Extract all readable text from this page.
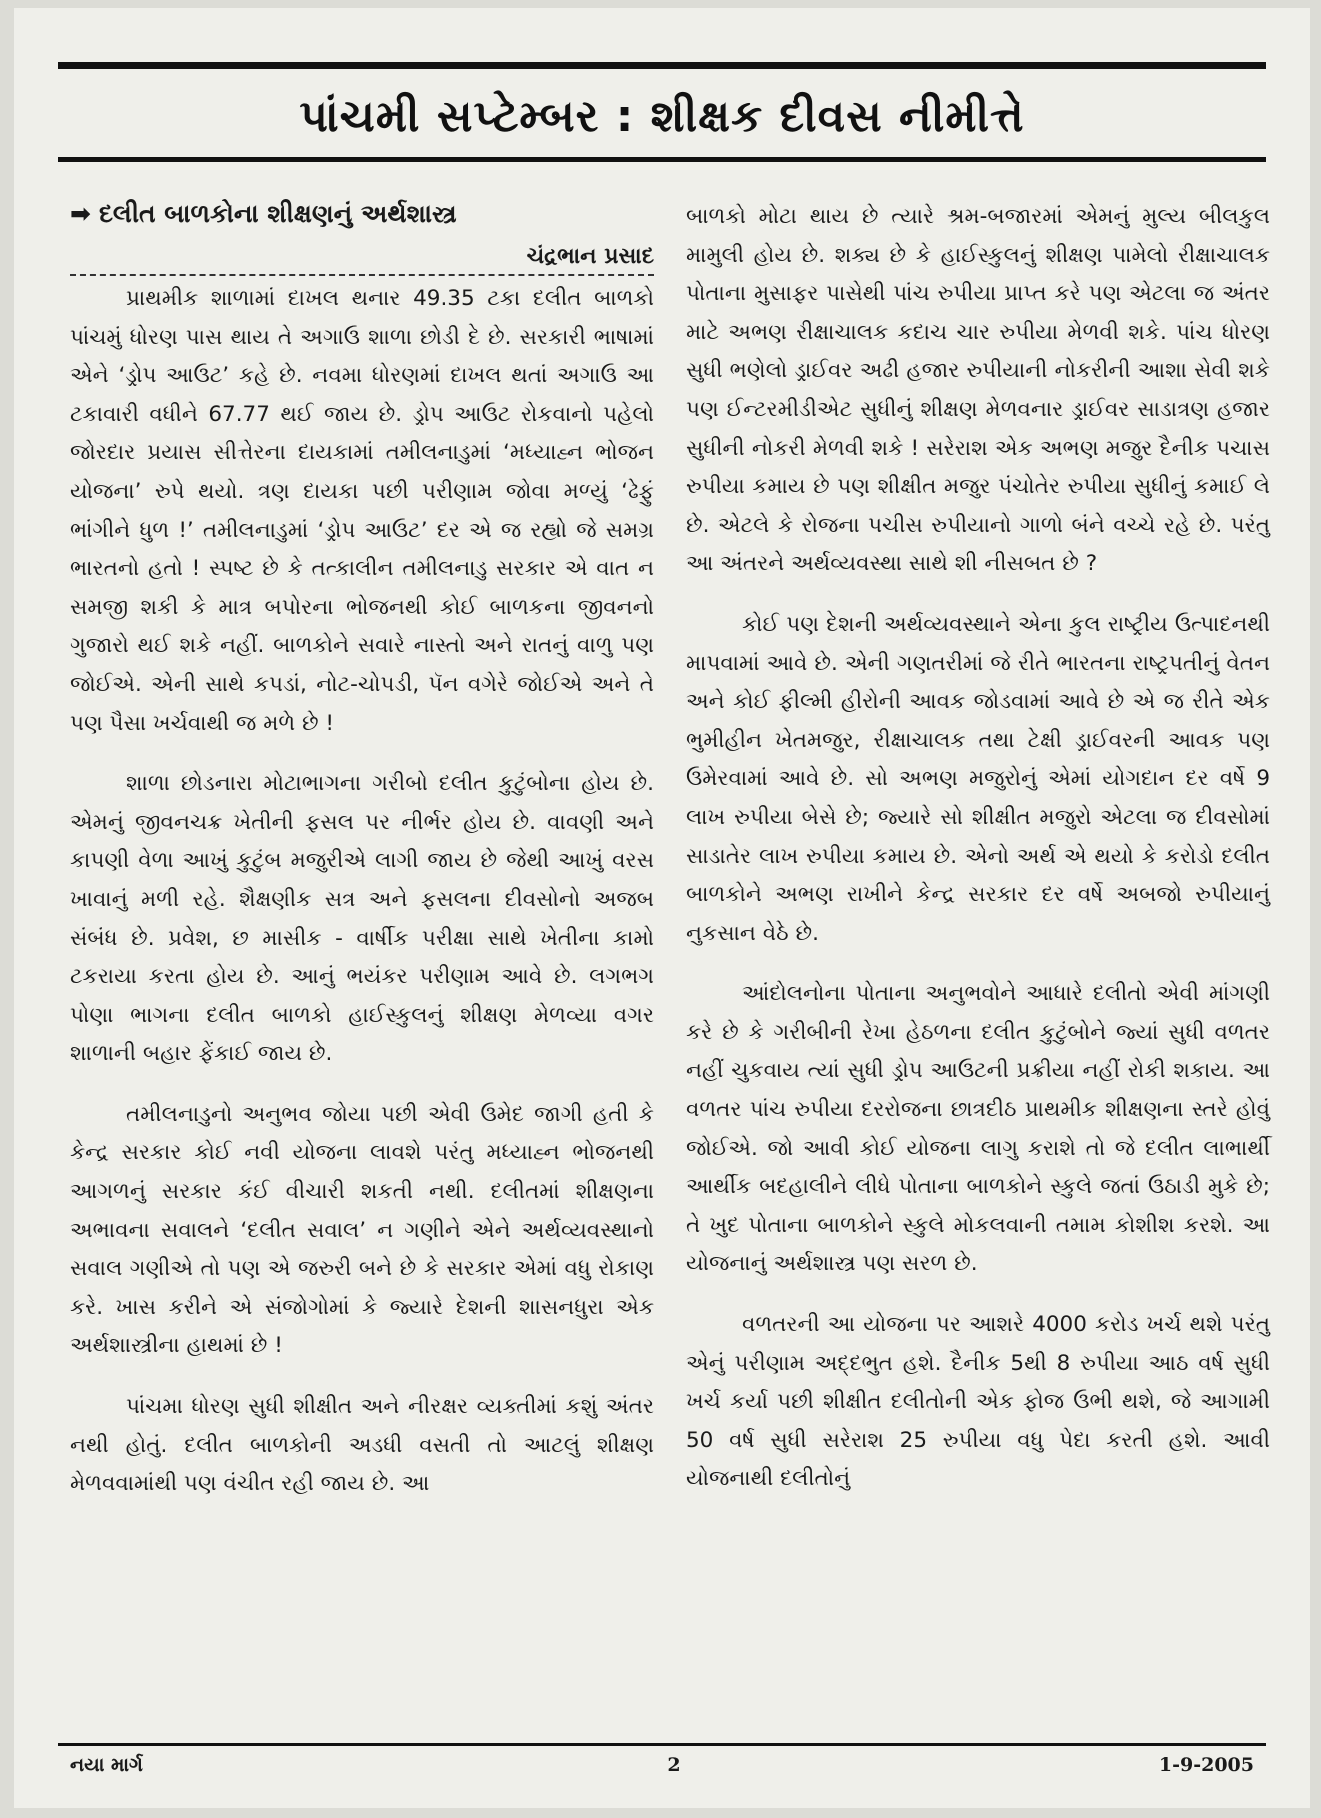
પાંચમી સપ્ટેમ્બર : શીક્ષક દીવસ નીમીત્તે
➡ દલીત બાળકોના શીક્ષણનું અર્થશાસ્ત્ર
ચંદ્રભાન પ્રસાદ

પ્રાથમીક શાળામાં દાખલ થનાર 49.35 ટકા દલીત બાળકો પાંચમું ધોરણ પાસ થાય તે અગાઉ શાળા છોડી દે છે. સરકારી ભાષામાં એને ‘ડ્રોપ આઉટ’ કહે છે. નવમા ધોરણમાં દાખલ થતાં અગાઉ આ ટકાવારી વધીને 67.77 થઈ જાય છે. ડ્રોપ આઉટ રોકવાનો પહેલો જોરદાર પ્રયાસ સીત્તેરના દાયકામાં તમીલનાડુમાં ‘મધ્યાહ્ન ભોજન યોજના’ રુપે થયો. ત્રણ દાયકા પછી પરીણામ જોવા મળ્યું ‘ઢેફું ભાંગીને ધુળ !’ તમીલનાડુમાં ‘ડ્રોપ આઉટ’ દર એ જ રહ્યો જે સમગ્ર ભારતનો હતો ! સ્પષ્ટ છે કે તત્કાલીન તમીલનાડુ સરકાર એ વાત ન સમજી શકી કે માત્ર બપોરના ભોજનથી કોઈ બાળકના જીવનનો ગુજારો થઈ શકે નહીં. બાળકોને સવારે નાસ્તો અને રાતનું વાળુ પણ જોઈએ. એની સાથે કપડાં, નોટ-ચોપડી, પૅન વગેરે જોઈએ અને તે પણ પૈસા ખર્ચવાથી જ મળે છે !

શાળા છોડનારા મોટાભાગના ગરીબો દલીત કુટુંબોના હોય છે. એમનું જીવનચક્ર ખેતીની ફસલ પર નીર્ભર હોય છે. વાવણી અને કાપણી વેળા આખું કુટુંબ મજુરીએ લાગી જાય છે જેથી આખું વરસ ખાવાનું મળી રહે. શૈક્ષણીક સત્ર અને ફસલના દીવસોનો અજબ સંબંધ છે. પ્રવેશ, છ માસીક - વાર્ષીક પરીક્ષા સાથે ખેતીના કામો ટકરાયા કરતા હોય છે. આનું ભયંકર પરીણામ આવે છે. લગભગ પોણા ભાગના દલીત બાળકો હાઈસ્કુલનું શીક્ષણ મેળવ્યા વગર શાળાની બહાર ફેંકાઈ જાય છે.

તમીલનાડુનો અનુભવ જોયા પછી એવી ઉમેદ જાગી હતી કે કેન્દ્ર સરકાર કોઈ નવી યોજના લાવશે પરંતુ મધ્યાહ્ન ભોજનથી આગળનું સરકાર કંઈ વીચારી શકતી નથી. દલીતમાં શીક્ષણના અભાવના સવાલને ‘દલીત સવાલ’ ન ગણીને એને અર્થવ્યવસ્થાનો સવાલ ગણીએ તો પણ એ જરુરી બને છે કે સરકાર એમાં વધુ રોકાણ કરે. ખાસ કરીને એ સંજોગોમાં કે જ્યારે દેશની શાસનધુરા એક અર્થશાસ્ત્રીના હાથમાં છે !

પાંચમા ધોરણ સુધી શીક્ષીત અને નીરક્ષર વ્યક્તીમાં કશું અંતર નથી હોતું. દલીત બાળકોની અડધી વસતી તો આટલું શીક્ષણ મેળવવામાંથી પણ વંચીત રહી જાય છે. આ

બાળકો મોટા થાય છે ત્યારે શ્રમ-બજારમાં એમનું મુલ્ય બીલકુલ મામુલી હોય છે. શક્ય છે કે હાઈસ્કુલનું શીક્ષણ પામેલો રીક્ષાચાલક પોતાના મુસાફર પાસેથી પાંચ રુપીયા પ્રાપ્ત કરે પણ એટલા જ અંતર માટે અભણ રીક્ષાચાલક કદાચ ચાર રુપીયા મેળવી શકે. પાંચ ધોરણ સુધી ભણેલો ડ્રાઈવર અઢી હજાર રુપીયાની નોકરીની આશા સેવી શકે પણ ઈન્ટરમીડીએટ સુધીનું શીક્ષણ મેળવનાર ડ્રાઈવર સાડાત્રણ હજાર સુધીની નોકરી મેળવી શકે ! સરેરાશ એક અભણ મજુર દૈનીક પચાસ રુપીયા કમાય છે પણ શીક્ષીત મજુર પંચોતેર રુપીયા સુધીનું કમાઈ લે છે. એટલે કે રોજના પચીસ રુપીયાનો ગાળો બંને વચ્ચે રહે છે. પરંતુ આ અંતરને અર્થવ્યવસ્થા સાથે શી નીસબત છે ?

કોઈ પણ દેશની અર્થવ્યવસ્થાને એના કુલ રાષ્ટ્રીય ઉત્પાદનથી માપવામાં આવે છે. એની ગણતરીમાં જે રીતે ભારતના રાષ્ટ્રપતીનું વેતન અને કોઈ ફીલ્મી હીરોની આવક જોડવામાં આવે છે એ જ રીતે એક ભુમીહીન ખેતમજુર, રીક્ષાચાલક તથા ટેક્ષી ડ્રાઈવરની આવક પણ ઉમેરવામાં આવે છે. સો અભણ મજુરોનું એમાં યોગદાન દર વર્ષે 9 લાખ રુપીયા બેસે છે; જ્યારે સો શીક્ષીત મજુરો એટલા જ દીવસોમાં સાડાતેર લાખ રુપીયા કમાય છે. એનો અર્થ એ થયો કે કરોડો દલીત બાળકોને અભણ રાખીને કેન્દ્ર સરકાર દર વર્ષે અબજો રુપીયાનું નુકસાન વેઠે છે.

આંદોલનોના પોતાના અનુભવોને આધારે દલીતો એવી માંગણી કરે છે કે ગરીબીની રેખા હેઠળના દલીત કુટુંબોને જ્યાં સુધી વળતર નહીં ચુકવાય ત્યાં સુધી ડ્રોપ આઉટની પ્રક્રીયા નહીં રોકી શકાય. આ વળતર પાંચ રુપીયા દરરોજના છાત્રદીઠ પ્રાથમીક શીક્ષણના સ્તરે હોવું જોઈએ. જો આવી કોઈ યોજના લાગુ કરાશે તો જે દલીત લાભાર્થી આર્થીક બદહાલીને લીધે પોતાના બાળકોને સ્કુલે જતાં ઉઠાડી મુકે છે; તે ખુદ પોતાના બાળકોને સ્કુલે મોકલવાની તમામ કોશીશ કરશે. આ યોજનાનું અર્થશાસ્ત્ર પણ સરળ છે.

વળતરની આ યોજના પર આશરે 4000 કરોડ ખર્ચ થશે પરંતુ એનું પરીણામ અદ્દભુત હશે. દૈનીક 5થી 8 રુપીયા આઠ વર્ષ સુધી ખર્ચ કર્યા પછી શીક્ષીત દલીતોની એક ફોજ ઉભી થશે, જે આગામી 50 વર્ષ સુધી સરેરાશ 25 રુપીયા વધુ પેદા કરતી હશે. આવી યોજનાથી દલીતોનું

નયા માર્ગ	2	1-9-2005
